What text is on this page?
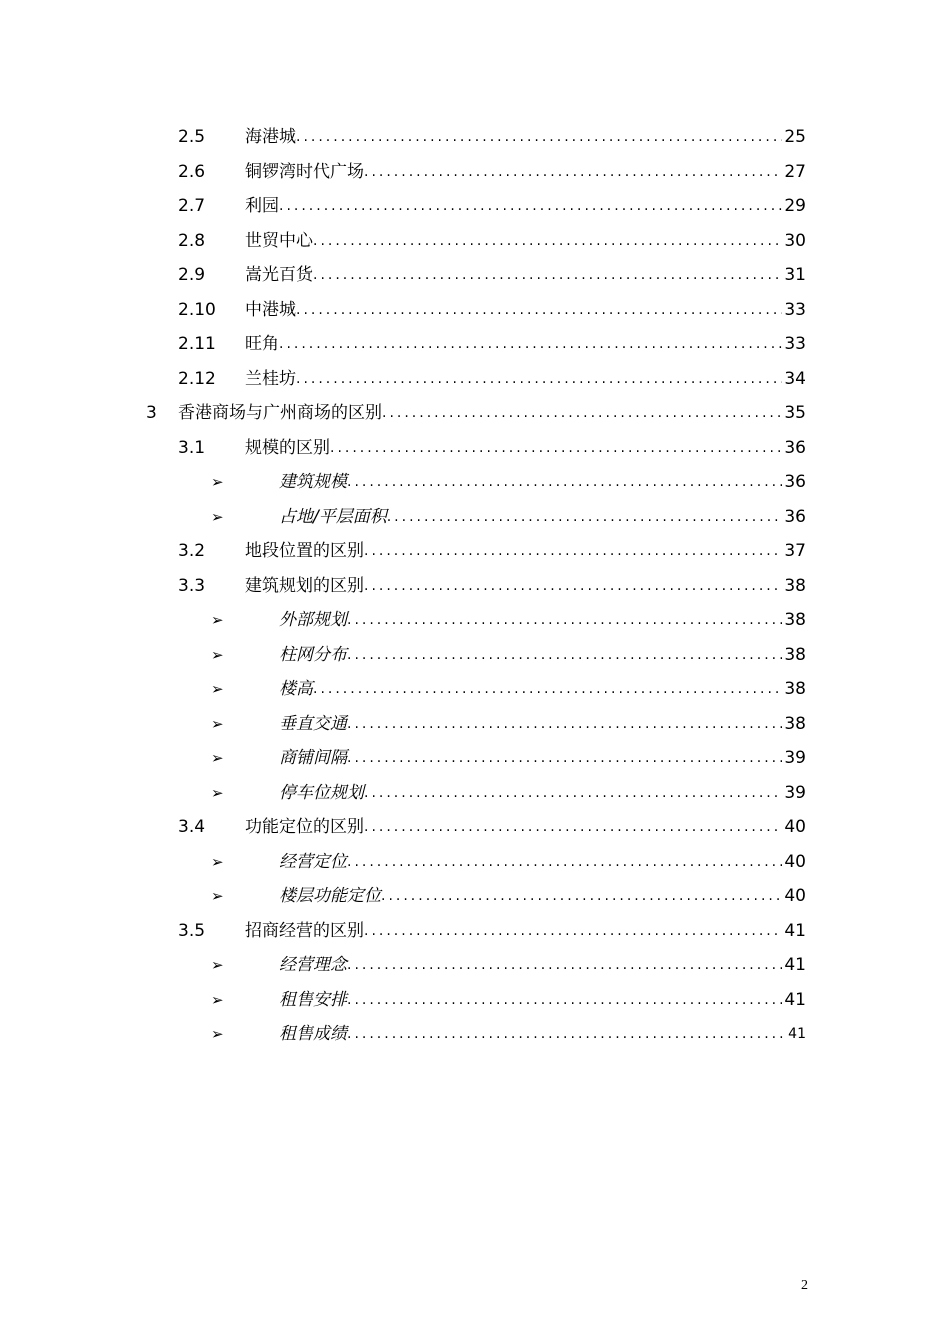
2.5 海港城 .....	25
2.6 铜锣湾时代广场 .....	27
2.7 利园 .....	29
2.8 世贸中心 .....	30
2.9 嵩光百货 .....	31
2.10 中港城 .....	33
2.11 旺角 .....	33
2.12 兰桂坊 .....	34
3 香港商场与广州商场的区别 .....	35
3.1 规模的区别 .....	36
➢	建筑规模 .....	36
➢	占地/平层面积 .....	36
3.2 地段位置的区别 .....	37
3.3 建筑规划的区别 .....	38
➢	外部规划 .....	38
➢	柱网分布 .....	38
➢	楼高 .....	38
➢	垂直交通 .....	38
➢	商铺间隔 .....	39
➢	停车位规划 .....	39
3.4 功能定位的区别 .....	40
➢	经营定位 .....	40
➢	楼层功能定位 .....	40
3.5 招商经营的区别 .....	41
➢	经营理念 .....	41
➢	租售安排 .....	41
➢	租售成绩 .....	41
2
